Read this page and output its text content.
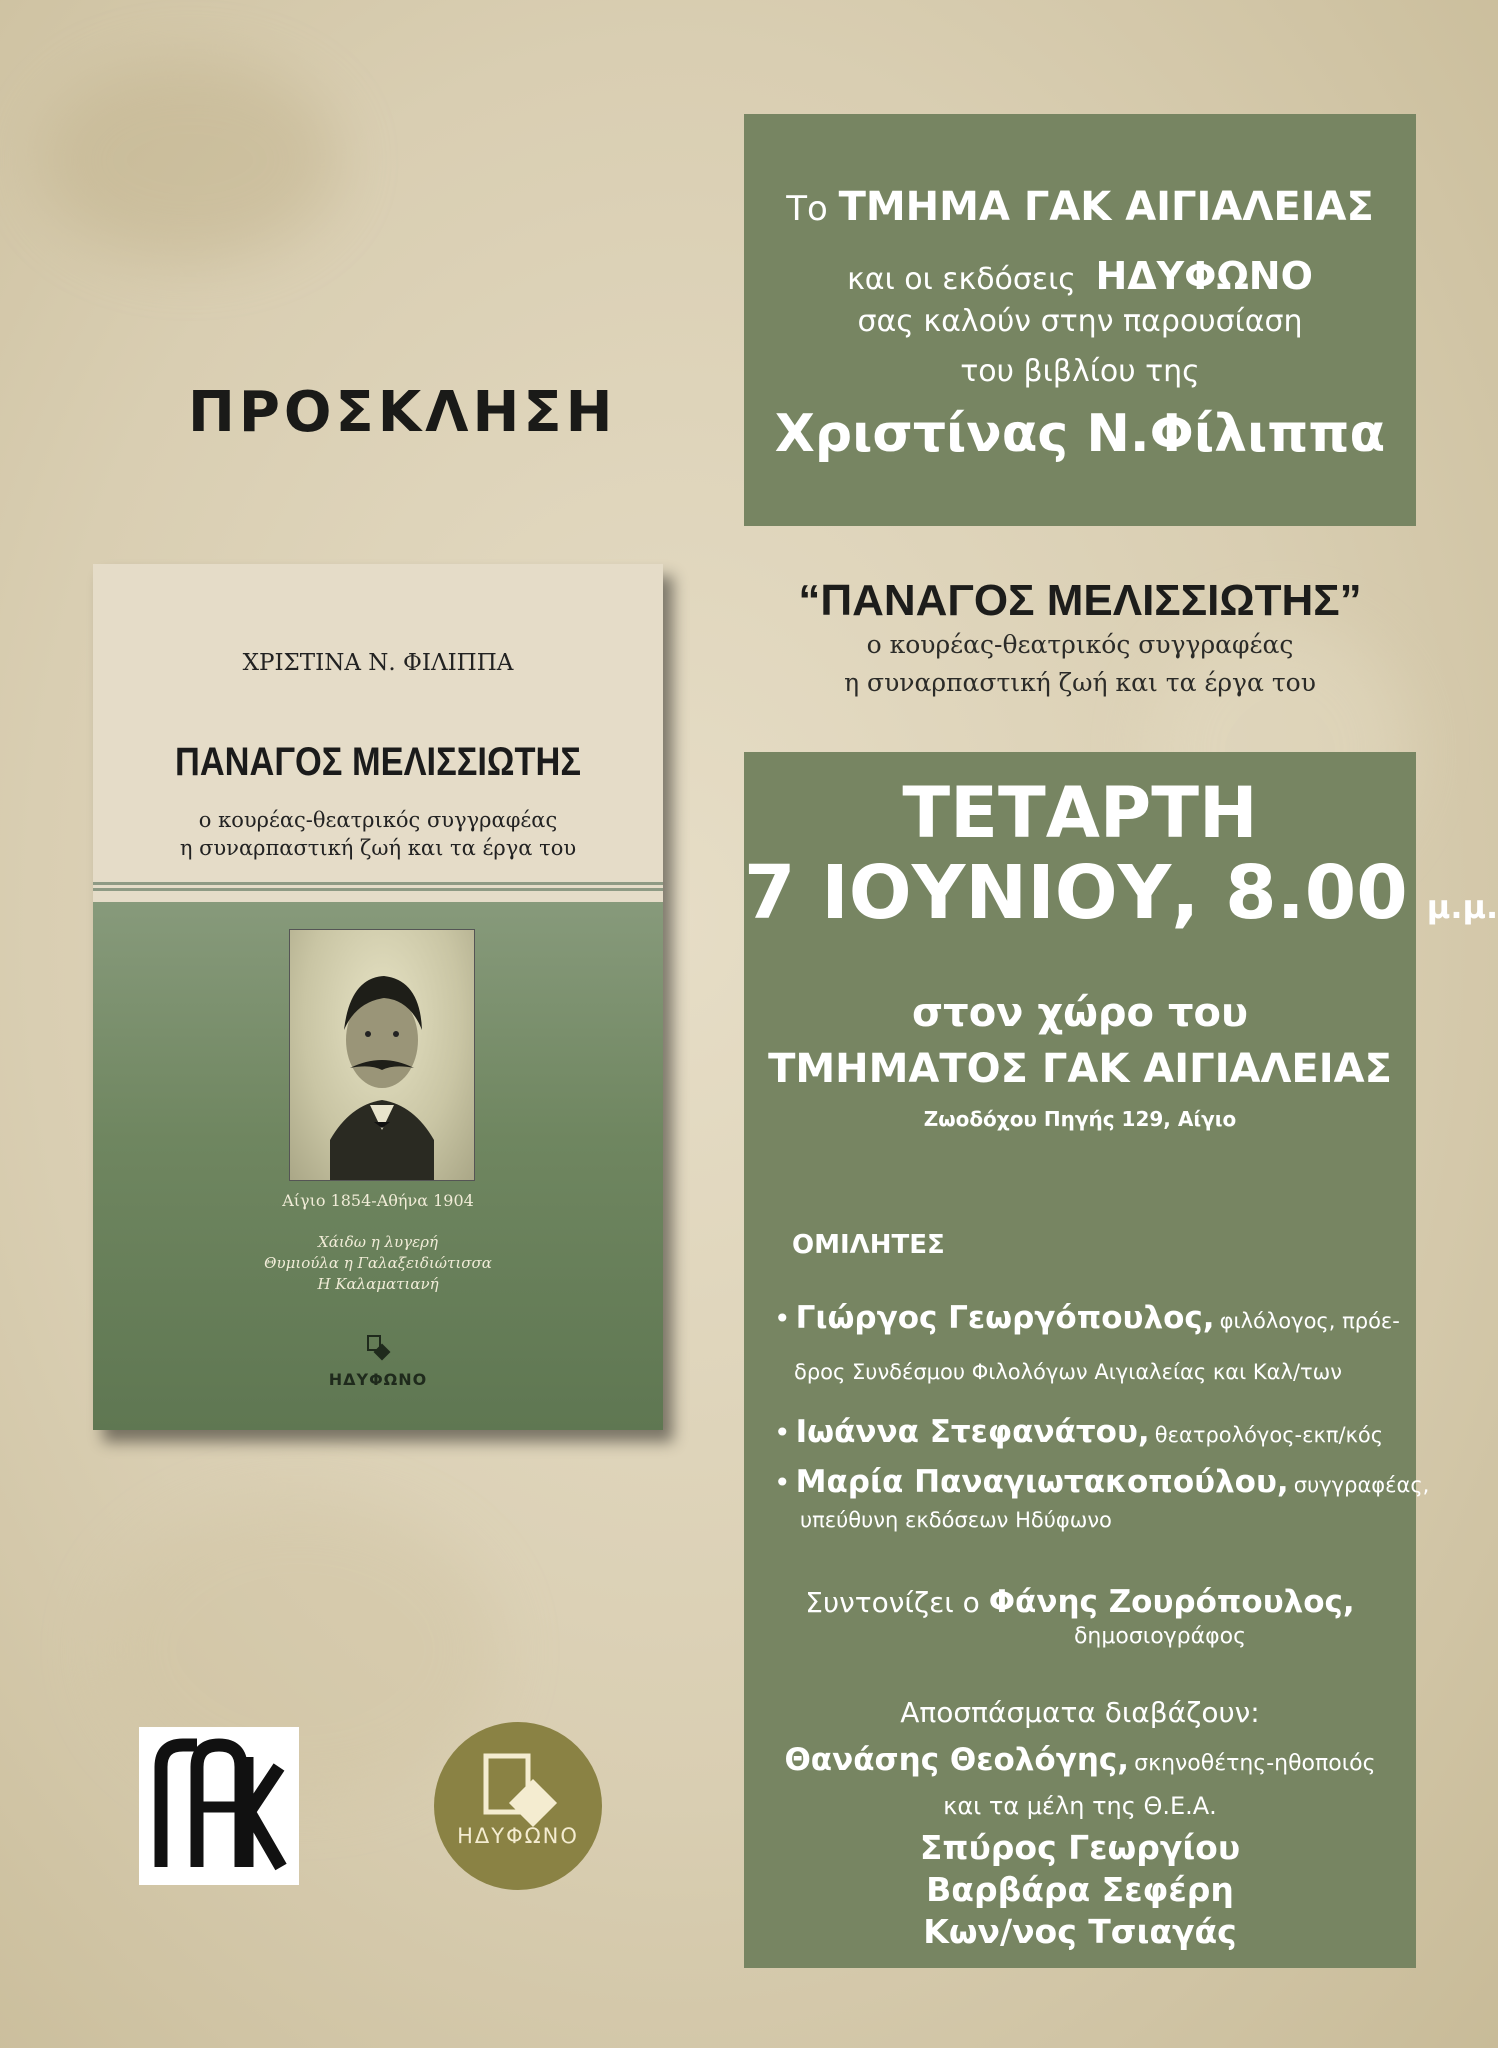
ΠΡΟΣΚΛΗΣΗ
ΧΡΙΣΤΙΝΑ Ν. ΦΙΛΙΠΠΑ
ΠΑΝΑΓΟΣ ΜΕΛΙΣΣΙΩΤΗΣ
ο κουρέας-θεατρικός συγγραφέας
η συναρπαστική ζωή και τα έργα του
Αίγιο 1854-Αθήνα 1904
Χάιδω η λυγερή
Θυμιούλα η Γαλαξειδιώτισσα
Η Καλαματιανή
ΗΔΥΦΩΝΟ
ΗΔΥΦΩΝΟ
Το ΤΜΗΜΑ ΓΑΚ ΑΙΓΙΑΛΕΙΑΣ
και οι εκδόσεις ΗΔΥΦΩΝΟ
σας καλούν στην παρουσίαση
του βιβλίου της
Χριστίνας Ν.Φίλιππα
“ΠΑΝΑΓΟΣ ΜΕΛΙΣΣΙΩΤΗΣ”
ο κουρέας-θεατρικός συγγραφέας
η συναρπαστική ζωή και τα έργα του
ΤΕΤΑΡΤΗ
7 ΙΟΥΝΙΟΥ, 8.00 μ.μ.
στον χώρο του
ΤΜΗΜΑΤΟΣ ΓΑΚ ΑΙΓΙΑΛΕΙΑΣ
Ζωοδόχου Πηγής 129, Αίγιο
ΟΜΙΛΗΤΕΣ
• Γιώργος Γεωργόπουλος, φιλόλογος, πρόε-
δρος Συνδέσμου Φιλολόγων Αιγιαλείας και Καλ/των
• Ιωάννα Στεφανάτου, θεατρολόγος-εκπ/κός
• Μαρία Παναγιωτακοπούλου, συγγραφέας,
υπεύθυνη εκδόσεων Ηδύφωνο
Συντονίζει ο Φάνης Ζουρόπουλος,
δημοσιογράφος
Αποσπάσματα διαβάζουν:
Θανάσης Θεολόγης, σκηνοθέτης-ηθοποιός
και τα μέλη της Θ.Ε.Α.
Σπύρος Γεωργίου
Βαρβάρα Σεφέρη
Κων/νος Τσιαγάς
